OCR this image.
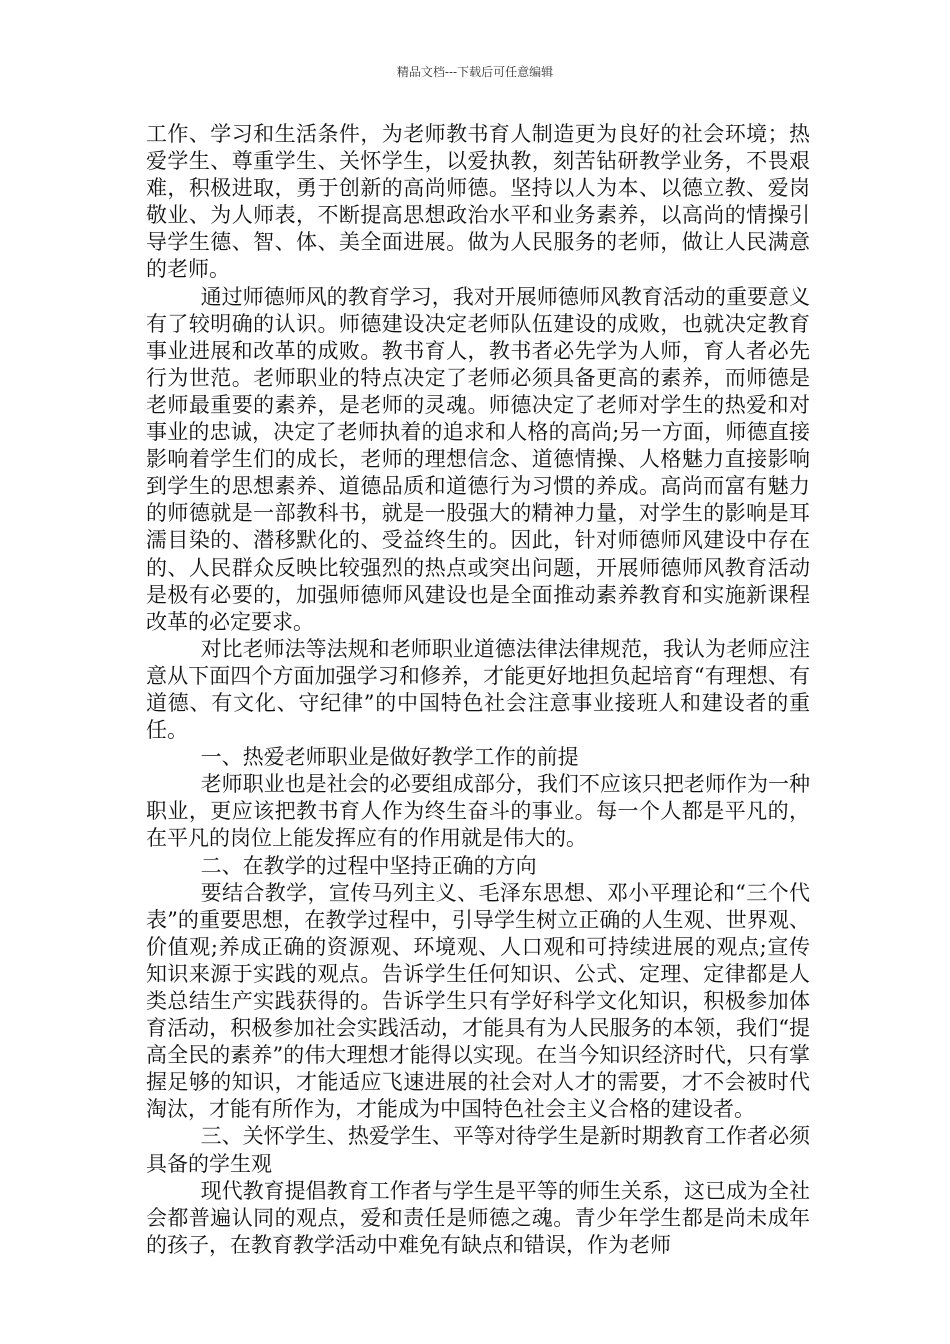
精品文档---下载后可任意编辑

工作、学习和生活条件，为老师教书育人制造更为良好的社会环境；热爱学生、尊重学生、关怀学生，以爱执教，刻苦钻研教学业务，不畏艰难，积极进取，勇于创新的高尚师德。坚持以人为本、以德立教、爱岗敬业、为人师表，不断提高思想政治水平和业务素养，以高尚的情操引导学生德、智、体、美全面进展。做为人民服务的老师，做让人民满意的老师。

通过师德师风的教育学习，我对开展师德师风教育活动的重要意义有了较明确的认识。师德建设决定老师队伍建设的成败，也就决定教育事业进展和改革的成败。教书育人，教书者必先学为人师，育人者必先行为世范。老师职业的特点决定了老师必须具备更高的素养，而师德是老师最重要的素养，是老师的灵魂。师德决定了老师对学生的热爱和对事业的忠诚，决定了老师执着的追求和人格的高尚;另一方面，师德直接影响着学生们的成长，老师的理想信念、道德情操、人格魅力直接影响到学生的思想素养、道德品质和道德行为习惯的养成。高尚而富有魅力的师德就是一部教科书，就是一股强大的精神力量，对学生的影响是耳濡目染的、潜移默化的、受益终生的。因此，针对师德师风建设中存在的、人民群众反映比较强烈的热点或突出问题，开展师德师风教育活动是极有必要的，加强师德师风建设也是全面推动素养教育和实施新课程改革的必定要求。

对比老师法等法规和老师职业道德法律法律规范，我认为老师应注意从下面四个方面加强学习和修养，才能更好地担负起培育“有理想、有道德、有文化、守纪律”的中国特色社会注意事业接班人和建设者的重任。

一、热爱老师职业是做好教学工作的前提

老师职业也是社会的必要组成部分，我们不应该只把老师作为一种职业，更应该把教书育人作为终生奋斗的事业。每一个人都是平凡的，在平凡的岗位上能发挥应有的作用就是伟大的。

二、在教学的过程中坚持正确的方向

要结合教学，宣传马列主义、毛泽东思想、邓小平理论和“三个代表”的重要思想，在教学过程中，引导学生树立正确的人生观、世界观、价值观;养成正确的资源观、环境观、人口观和可持续进展的观点;宣传知识来源于实践的观点。告诉学生任何知识、公式、定理、定律都是人类总结生产实践获得的。告诉学生只有学好科学文化知识，积极参加体育活动，积极参加社会实践活动，才能具有为人民服务的本领，我们“提高全民的素养”的伟大理想才能得以实现。在当今知识经济时代，只有掌握足够的知识，才能适应飞速进展的社会对人才的需要，才不会被时代淘汰，才能有所作为，才能成为中国特色社会主义合格的建设者。

三、关怀学生、热爱学生、平等对待学生是新时期教育工作者必须具备的学生观

现代教育提倡教育工作者与学生是平等的师生关系，这已成为全社会都普遍认同的观点，爱和责任是师德之魂。青少年学生都是尚未成年的孩子，在教育教学活动中难免有缺点和错误，作为老师
